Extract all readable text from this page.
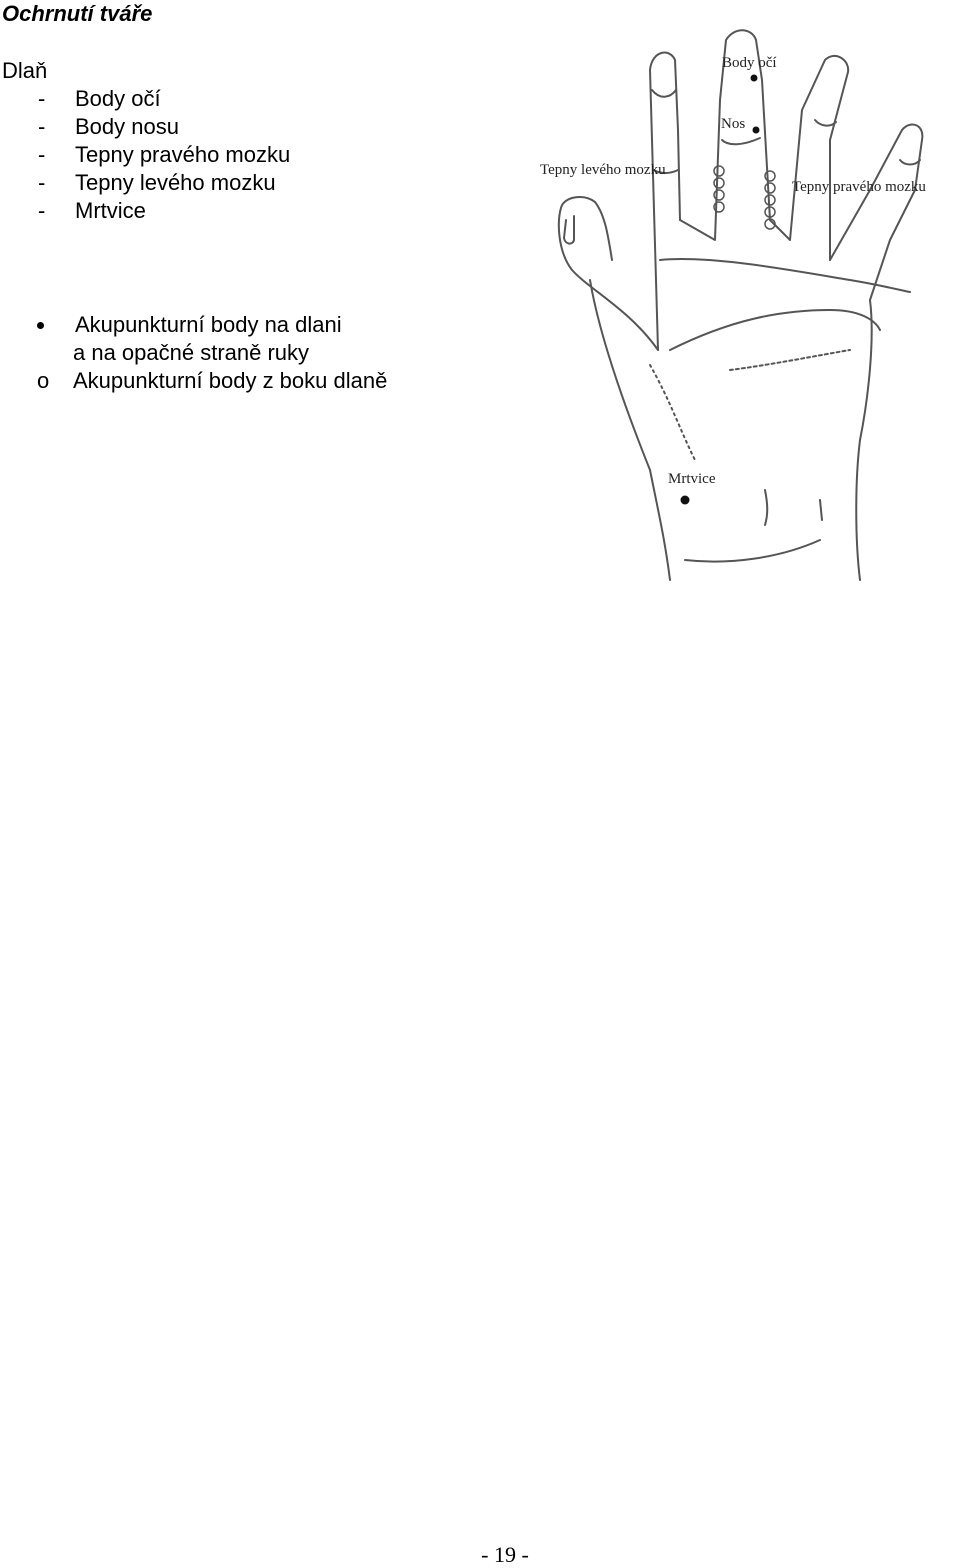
Ochrnutí tváře
Dlaň
- Body očí
- Body nosu
- Tepny pravého mozku
- Tepny levého mozku
- Mrtvice
Akupunkturní body na dlani
a na opačné straně ruky
o Akupunkturní body z boku dlaně
Body očí
Nos
Tepny levého mozku
Tepny pravého mozku
Mrtvice
- 19 -
